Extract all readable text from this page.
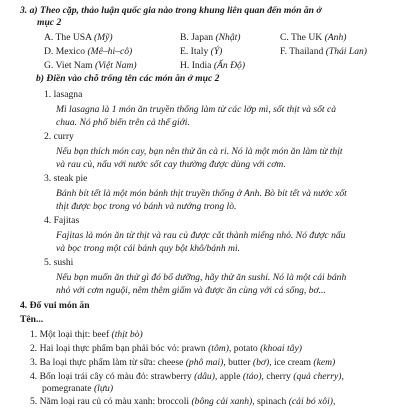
3. a) Theo cặp, thảo luận quốc gia nào trong khung liên quan đến món ăn ở
mục 2
A. The USA (Mỹ)	B. Japan (Nhật)	C. The UK (Anh)
D. Mexico (Mê–hi–cô)	E. Italy (Ý)	F. Thailand (Thái Lan)
G. Viet Nam (Việt Nam)	H. India (Ấn Độ)
b) Điền vào chỗ trống tên các món ăn ở mục 2
1. lasagna
Mì lasagna là 1 món ăn truyền thống làm từ các lớp mì, sốt thịt và sốt cà
chua. Nó phổ biến trên cả thế giới.
2. curry
Nếu bạn thích món cay, bạn nên thử ăn cà ri. Nó là một món ăn làm từ thịt
và rau củ, nấu với nước sốt cay thường được dùng với cơm.
3. steak pie
Bánh bít tết là một món bánh thịt truyền thống ở Anh. Bò bít tết và nước xốt
thịt được bọc trong vỏ bánh và nướng trong lò.
4. Fajitas
Fajitas là món ăn từ thịt và rau củ được cắt thành miếng nhỏ. Nó được nấu
và bọc trong một cái bánh quy bột khô/bánh mì.
5. sushi
Nếu bạn muốn ăn thử gì đó bổ dưỡng, hãy thử ăn sushi. Nó là một cái bánh
nhỏ với cơm nguội, nêm thêm giấm và được ăn cùng với cá sống, bơ...
4. Đố vui món ăn
Tên...
1. Một loại thịt: beef (thịt bò)
2. Hai loại thực phẩm bạn phải bóc vỏ: prawn (tôm), potato (khoai tây)
3. Ba loại thực phẩm làm từ sữa: cheese (phô mai), butter (bơ), ice cream (kem)
4. Bốn loại trái cây có màu đỏ: strawberry (dâu), apple (táo), cherry (quả cherry),
pomegranate (lựu)
5. Năm loại rau củ có màu xanh: broccoli (bông cải xanh), spinach (cải bó xôi),
